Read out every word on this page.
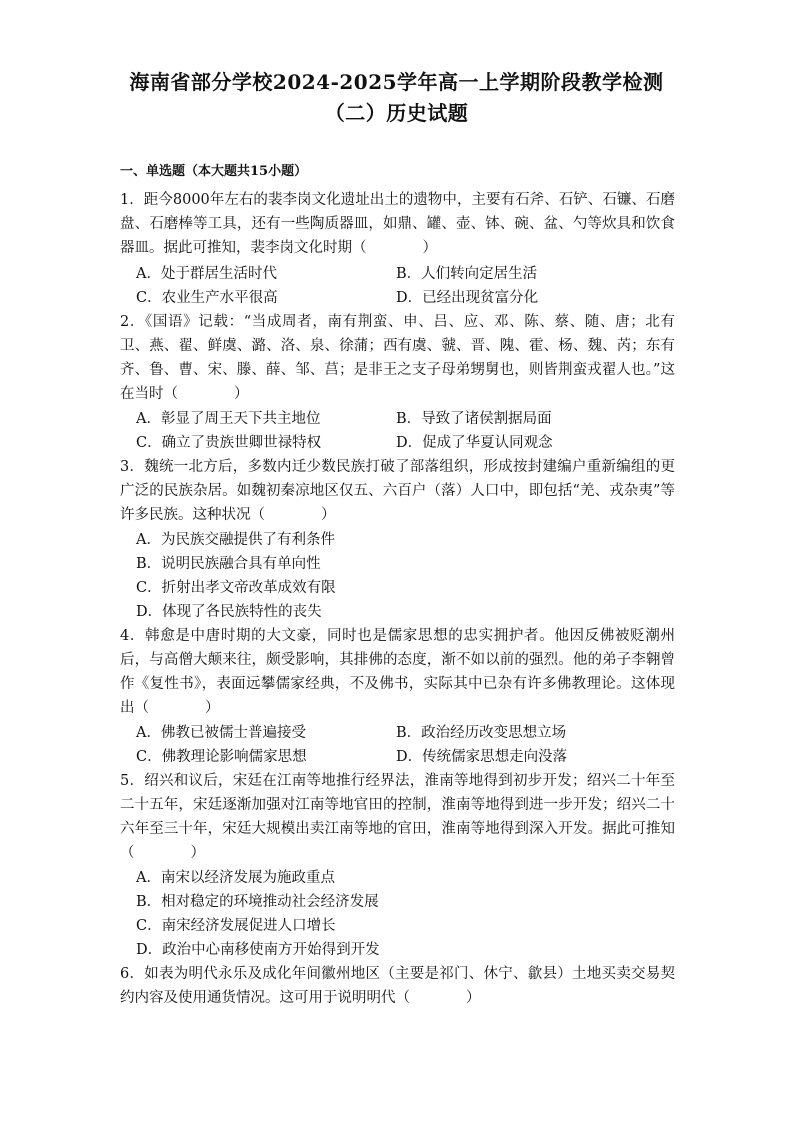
海南省部分学校2024-2025学年高一上学期阶段教学检测
（二）历史试题
一、单选题（本大题共15小题）
1．距今8000年左右的裴李岗文化遗址出土的遗物中，主要有石斧、石铲、石镰、石磨盘、石磨棒等工具，还有一些陶质器皿，如鼎、罐、壶、钵、碗、盆、勺等炊具和饮食器皿。据此可推知，裴李岗文化时期（	）
A．处于群居生活时代	B．人们转向定居生活
C．农业生产水平很高	D．已经出现贫富分化
2．《国语》记载：“当成周者，南有荆蛮、申、吕、应、邓、陈、蔡、随、唐；北有卫、燕、翟、鲜虞、潞、洛、泉、徐蒲；西有虞、虢、晋、隗、霍、杨、魏、芮；东有齐、鲁、曹、宋、滕、薛、邹、莒；是非王之支子母弟甥舅也，则皆荆蛮戎翟人也。”这在当时（	）
A．彰显了周王天下共主地位	B．导致了诸侯割据局面
C．确立了贵族世卿世禄特权	D．促成了华夏认同观念
3．魏统一北方后，多数内迁少数民族打破了部落组织，形成按封建编户重新编组的更广泛的民族杂居。如魏初秦凉地区仅五、六百户（落）人口中，即包括“羌、戎杂夷”等许多民族。这种状况（	）
A．为民族交融提供了有利条件
B．说明民族融合具有单向性
C．折射出孝文帝改革成效有限
D．体现了各民族特性的丧失
4．韩愈是中唐时期的大文豪，同时也是儒家思想的忠实拥护者。他因反佛被贬潮州后，与高僧大颠来往，颇受影响，其排佛的态度，渐不如以前的强烈。他的弟子李翱曾作《复性书》，表面远攀儒家经典，不及佛书，实际其中已杂有许多佛教理论。这体现出（	）
A．佛教已被儒士普遍接受	B．政治经历改变思想立场
C．佛教理论影响儒家思想	D．传统儒家思想走向没落
5．绍兴和议后，宋廷在江南等地推行经界法，淮南等地得到初步开发；绍兴二十年至二十五年，宋廷逐渐加强对江南等地官田的控制，淮南等地得到进一步开发；绍兴二十六年至三十年，宋廷大规模出卖江南等地的官田，淮南等地得到深入开发。据此可推知（	）
A．南宋以经济发展为施政重点
B．相对稳定的环境推动社会经济发展
C．南宋经济发展促进人口增长
D．政治中心南移使南方开始得到开发
6．如表为明代永乐及成化年间徽州地区（主要是祁门、休宁、歙县）土地买卖交易契约内容及使用通货情况。这可用于说明明代（	）
